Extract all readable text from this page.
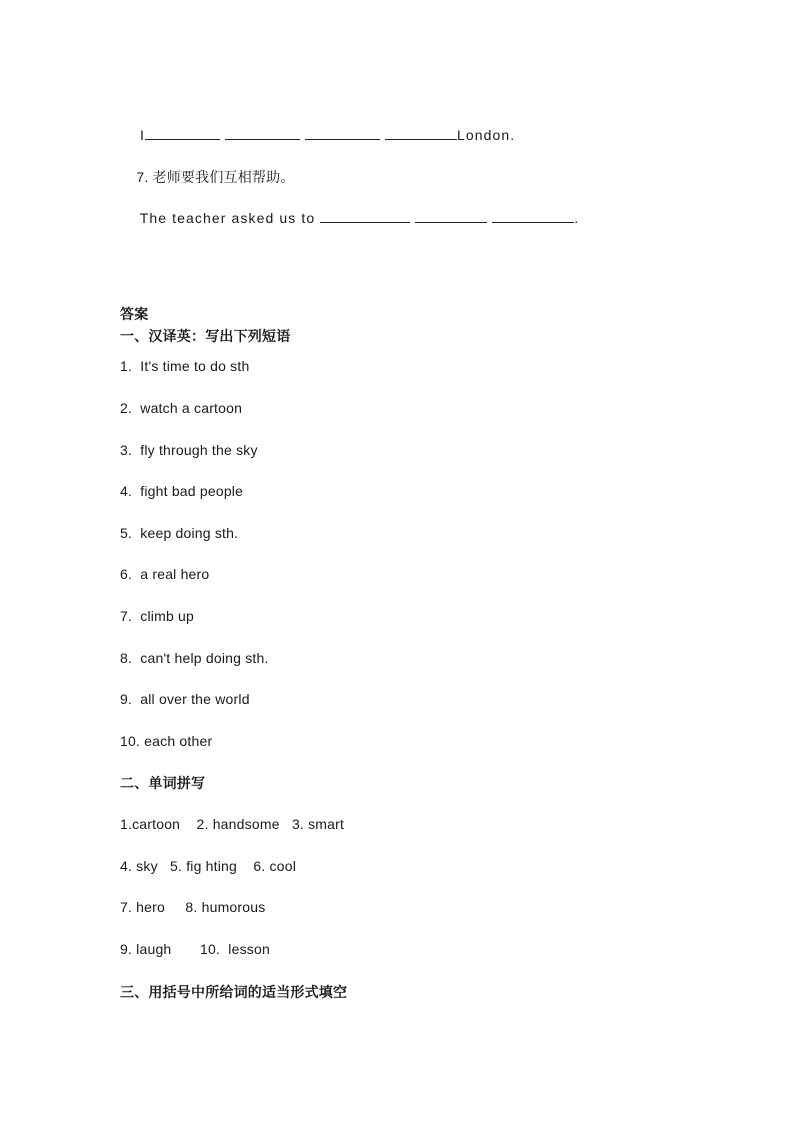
I	London.

7. 老师要我们互相帮助。

The teacher asked us to	.

答案
一、汉译英：写出下列短语
1. It's time to do sth
2. watch a cartoon
3. fly through the sky
4. fight bad people
5. keep doing sth.
6. a real hero
7. climb up
8. can't help doing sth.
9. all over the world
10. each other
二、单词拼写
1.cartoon    2. handsome   3. smart
4. sky   5. fig hting    6. cool
7. hero     8. humorous
9. laugh       10.  lesson
三、用括号中所给词的适当形式填空
